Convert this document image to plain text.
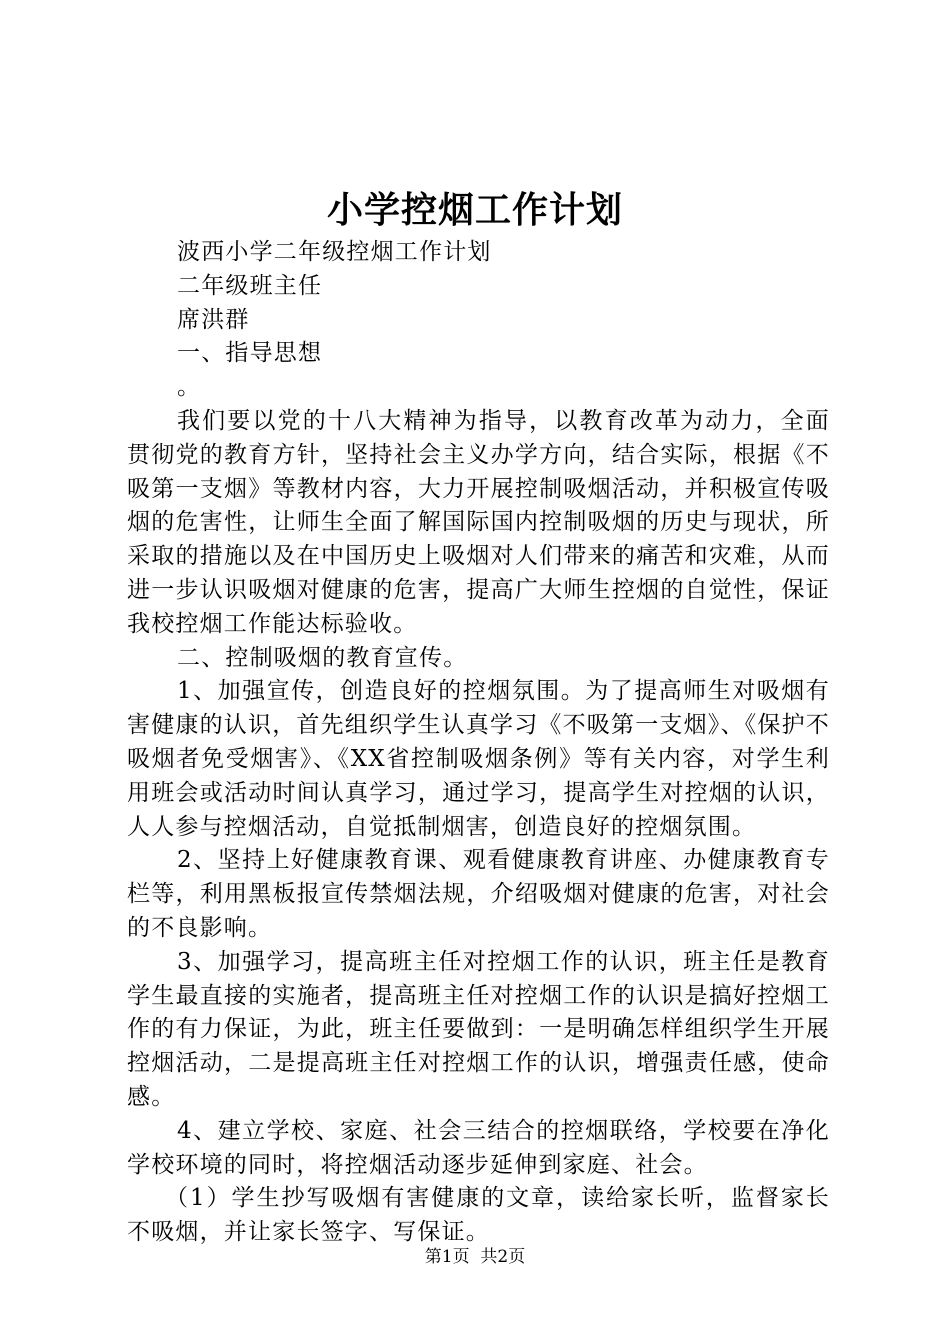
小学控烟工作计划

波西小学二年级控烟工作计划

二年级班主任

席洪群

一、指导思想

。

我们要以党的十八大精神为指导，以教育改革为动力，全面贯彻党的教育方针，坚持社会主义办学方向，结合实际，根据《不吸第一支烟》等教材内容，大力开展控制吸烟活动，并积极宣传吸烟的危害性，让师生全面了解国际国内控制吸烟的历史与现状，所采取的措施以及在中国历史上吸烟对人们带来的痛苦和灾难，从而进一步认识吸烟对健康的危害，提高广大师生控烟的自觉性，保证我校控烟工作能达标验收。

二、控制吸烟的教育宣传。

1、加强宣传，创造良好的控烟氛围。为了提高师生对吸烟有害健康的认识，首先组织学生认真学习《不吸第一支烟》、《保护不吸烟者免受烟害》、《XX省控制吸烟条例》等有关内容，对学生利用班会或活动时间认真学习，通过学习，提高学生对控烟的认识，人人参与控烟活动，自觉抵制烟害，创造良好的控烟氛围。

2、坚持上好健康教育课、观看健康教育讲座、办健康教育专栏等，利用黑板报宣传禁烟法规，介绍吸烟对健康的危害，对社会的不良影响。

3、加强学习，提高班主任对控烟工作的认识，班主任是教育学生最直接的实施者，提高班主任对控烟工作的认识是搞好控烟工作的有力保证，为此，班主任要做到：一是明确怎样组织学生开展控烟活动，二是提高班主任对控烟工作的认识，增强责任感，使命感。

4、建立学校、家庭、社会三结合的控烟联络，学校要在净化学校环境的同时，将控烟活动逐步延伸到家庭、社会。

（1）学生抄写吸烟有害健康的文章，读给家长听，监督家长不吸烟，并让家长签字、写保证。

第1页 共2页
